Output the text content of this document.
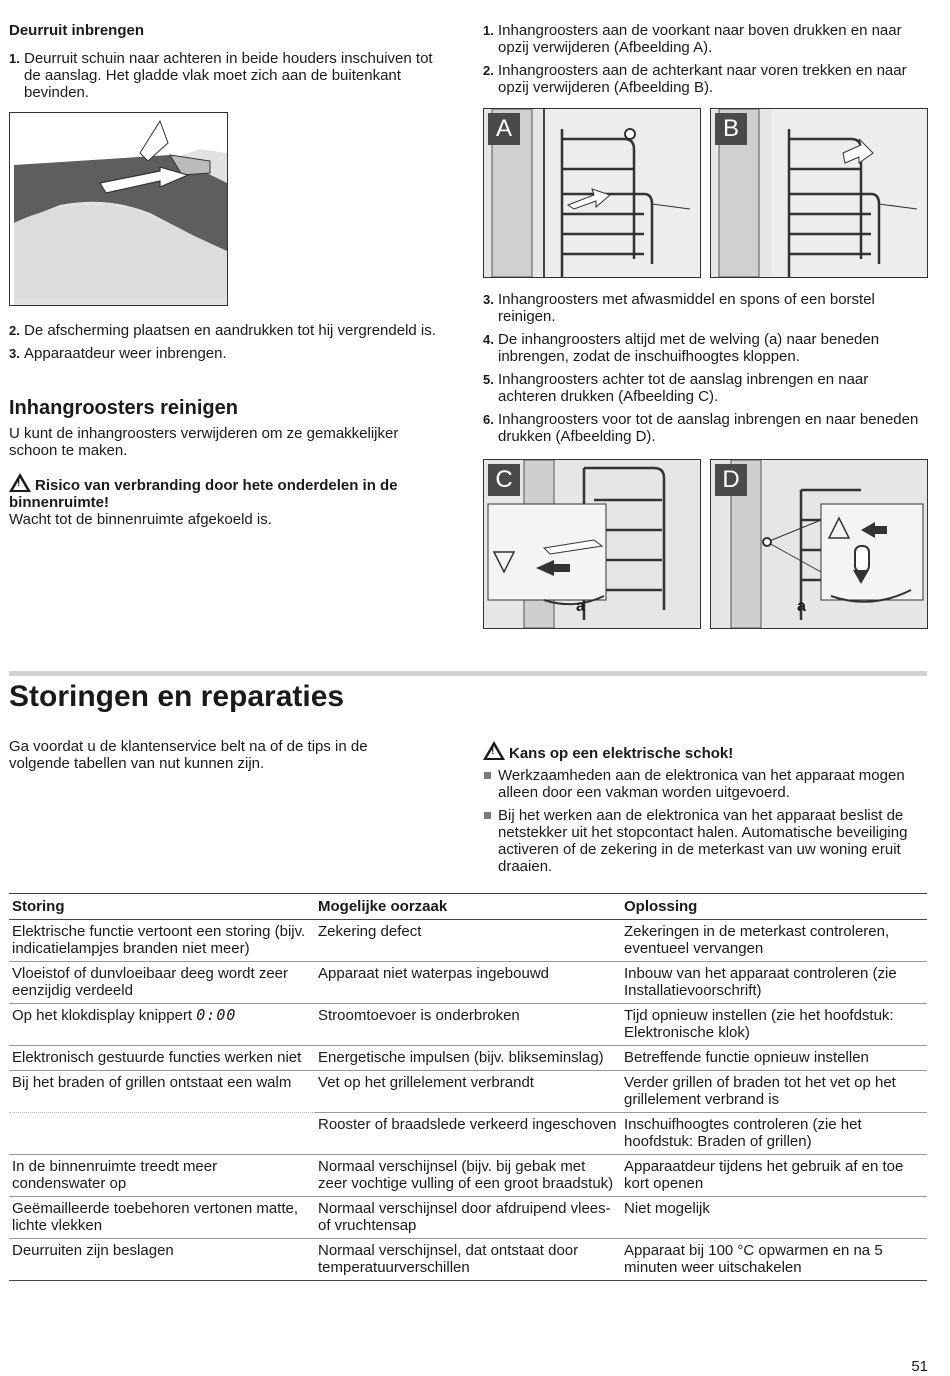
Deurruit inbrengen
1. Deurruit schuin naar achteren in beide houders inschuiven tot de aanslag. Het gladde vlak moet zich aan de buitenkant bevinden.
2. De afscherming plaatsen en aandrukken tot hij vergrendeld is.
3. Apparaatdeur weer inbrengen.
Inhangroosters reinigen
U kunt de inhangroosters verwijderen om ze gemakkelijker schoon te maken.
!Risico van verbranding door hete onderdelen in de binnenruimte!
Wacht tot de binnenruimte afgekoeld is.
1. Inhangroosters aan de voorkant naar boven drukken en naar opzij verwijderen (Afbeelding A).
2. Inhangroosters aan de achterkant naar voren trekken en naar opzij verwijderen (Afbeelding B).
A	B
3. Inhangroosters met afwasmiddel en spons of een borstel reinigen.
4. De inhangroosters altijd met de welving (a) naar beneden inbrengen, zodat de inschuifhoogtes kloppen.
5. Inhangroosters achter tot de aanslag inbrengen en naar achteren drukken (Afbeelding C).
6. Inhangroosters voor tot de aanslag inbrengen en naar beneden drukken (Afbeelding D).
C
a
D
a
Storingen en reparaties
Ga voordat u de klantenservice belt na of de tips in de volgende tabellen van nut kunnen zijn.
!Kans op een elektrische schok!
Werkzaamheden aan de elektronica van het apparaat mogen alleen door een vakman worden uitgevoerd.
Bij het werken aan de elektronica van het apparaat beslist de netstekker uit het stopcontact halen. Automatische beveiliging activeren of de zekering in de meterkast van uw woning eruit draaien.
Storing	Mogelijke oorzaak	Oplossing
Elektrische functie vertoont een storing (bijv. indicatielampjes branden niet meer)	Zekering defect	Zekeringen in de meterkast controleren, eventueel vervangen
Vloeistof of dunvloeibaar deeg wordt zeer eenzijdig verdeeld	Apparaat niet waterpas ingebouwd	Inbouw van het apparaat controleren (zie Installatievoorschrift)
Op het klokdisplay knippert 0:00	Stroomtoevoer is onderbroken	Tijd opnieuw instellen (zie het hoofdstuk: Elektronische klok)
Elektronisch gestuurde functies werken niet	Energetische impulsen (bijv. blikseminslag)	Betreffende functie opnieuw instellen
Bij het braden of grillen ontstaat een walm	Vet op het grillelement verbrandt	Verder grillen of braden tot het vet op het grillelement verbrand is
	Rooster of braadslede verkeerd ingeschoven	Inschuifhoogtes controleren (zie het hoofdstuk: Braden of grillen)
In de binnenruimte treedt meer condenswater op	Normaal verschijnsel (bijv. bij gebak met zeer vochtige vulling of een groot braadstuk)	Apparaatdeur tijdens het gebruik af en toe kort openen
Geëmailleerde toebehoren vertonen matte, lichte vlekken	Normaal verschijnsel door afdruipend vlees- of vruchtensap	Niet mogelijk
Deurruiten zijn beslagen	Normaal verschijnsel, dat ontstaat door temperatuurverschillen	Apparaat bij 100 °C opwarmen en na 5 minuten weer uitschakelen
51
